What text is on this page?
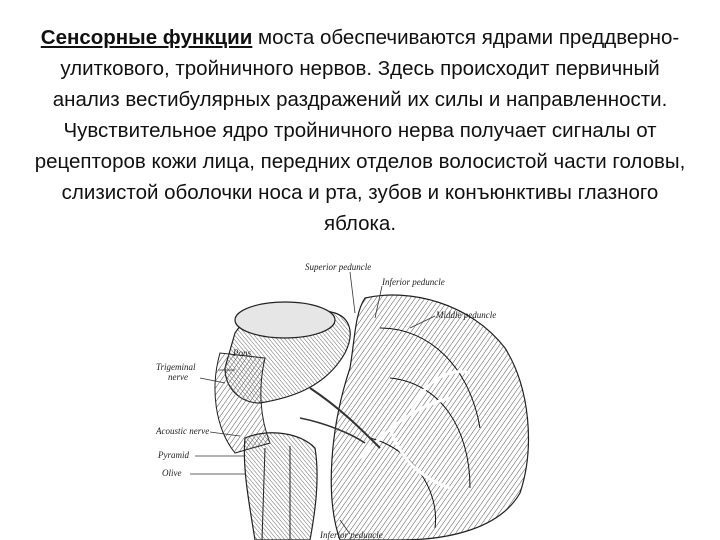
Сенсорные функции моста обеспечиваются ядрами преддверно-улиткового, тройничного нервов. Здесь происходит первичный анализ вестибулярных раздражений их силы и направленности. Чувствительное ядро тройничного нерва получает сигналы от рецепторов кожи лица, передних отделов волосистой части головы, слизистой оболочки носа и рта, зубов и конъюнктивы глазного яблока.
Superior peduncle
Inferior peduncle
Middle peduncle
Pons
Trigeminal
nerve
Acoustic nerve
Pyramid
Olive
Inferior peduncle
